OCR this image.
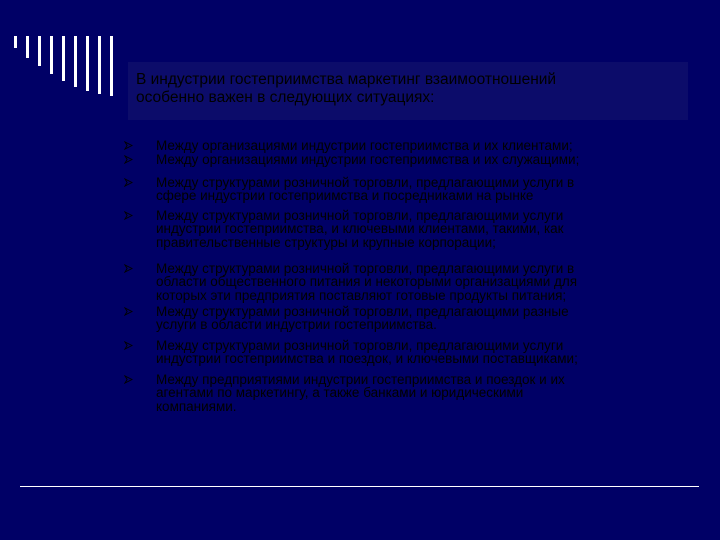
В индустрии гостеприимства маркетинг взаимоотношений
особенно важен в следующих ситуациях:
Между организациями индустрии гостеприимства и их клиентами;
Между организациями индустрии гостеприимства и их служащими;
Между структурами розничной торговли, предлагающими услуги в
сфере индустрии гостеприимства и посредниками на рынке
Между структурами розничной торговли, предлагающими услуги
индустрии гостеприимства, и ключевыми клиентами, такими, как
правительственные структуры и крупные корпорации;
Между структурами розничной торговли, предлагающими услуги в
области общественного питания и некоторыми организациями для
которых эти предприятия поставляют готовые продукты питания;
Между структурами розничной торговли, предлагающими разные
услуги в области индустрии гостеприимства.
Между структурами розничной торговли, предлагающими услуги
индустрии гостеприимства и поездок, и ключевыми поставщиками;
Между предприятиями индустрии гостеприимства и поездок и их
агентами по маркетингу, а также банками и юридическими
компаниями.
